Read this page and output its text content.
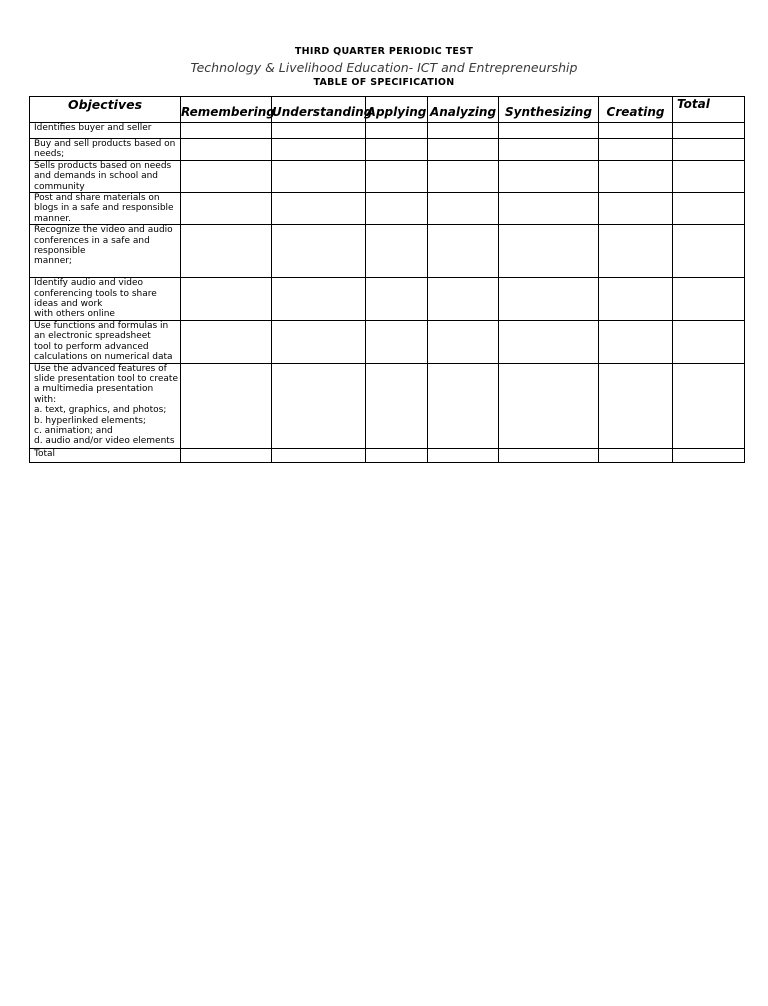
THIRD QUARTER PERIODIC TEST
Technology & Livelihood Education- ICT and Entrepreneurship
TABLE OF SPECIFICATION
Objectives	Remembering	Understanding	Applying	Analyzing	Synthesizing	Creating	Total
Identifies buyer and seller							
Buy and sell products based on needs;							
Sells products based on needs and demands in school and community							
Post and share materials on blogs in a safe and responsible manner.							
Recognize the video and audio conferences in a safe and responsible
manner;							
Identify audio and video conferencing tools to share ideas and work
with others online							
Use functions and formulas in an electronic spreadsheet
tool to perform advanced calculations on numerical data							
Use the advanced features of slide presentation tool to create a multimedia presentation with:
a. text, graphics, and photos;
b. hyperlinked elements;
c. animation; and
d. audio and/or video elements							
Total							
